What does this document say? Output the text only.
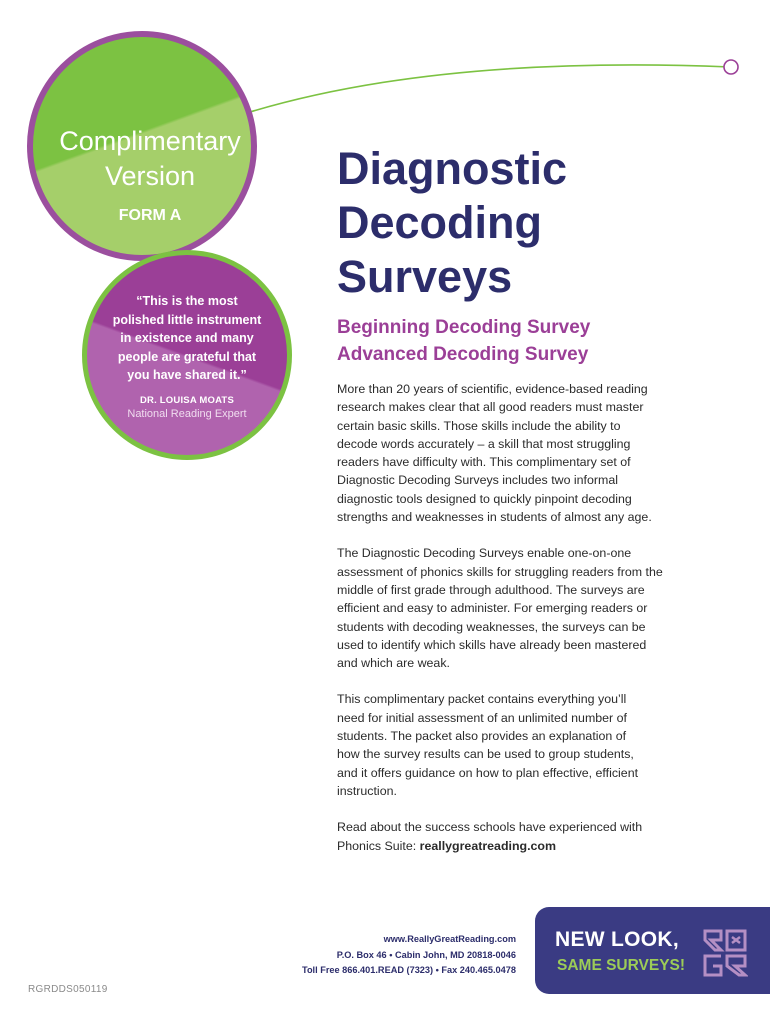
Complimentary
Version
FORM A
“This is the most
polished little instrument
in existence and many
people are grateful that
you have shared it.”
DR. LOUISA MOATS
National Reading Expert
Diagnostic
Decoding
Surveys
Beginning Decoding Survey
Advanced Decoding Survey

More than 20 years of scientific, evidence-based reading
research makes clear that all good readers must master
certain basic skills. Those skills include the ability to
decode words accurately – a skill that most struggling
readers have difficulty with. This complimentary set of
Diagnostic Decoding Surveys includes two informal
diagnostic tools designed to quickly pinpoint decoding
strengths and weaknesses in students of almost any age.

The Diagnostic Decoding Surveys enable one-on-one
assessment of phonics skills for struggling readers from the
middle of first grade through adulthood. The surveys are
efficient and easy to administer. For emerging readers or
students with decoding weaknesses, the surveys can be
used to identify which skills have already been mastered
and which are weak.

This complimentary packet contains everything you’ll
need for initial assessment of an unlimited number of
students. The packet also provides an explanation of
how the survey results can be used to group students,
and it offers guidance on how to plan effective, efficient
instruction.

Read about the success schools have experienced with
Phonics Suite: reallygreatreading.com

www.ReallyGreatReading.com
P.O. Box 46 • Cabin John, MD 20818-0046
Toll Free 866.401.READ (7323) • Fax 240.465.0478
NEW LOOK,
SAME SURVEYS!
RGRDDS050119
